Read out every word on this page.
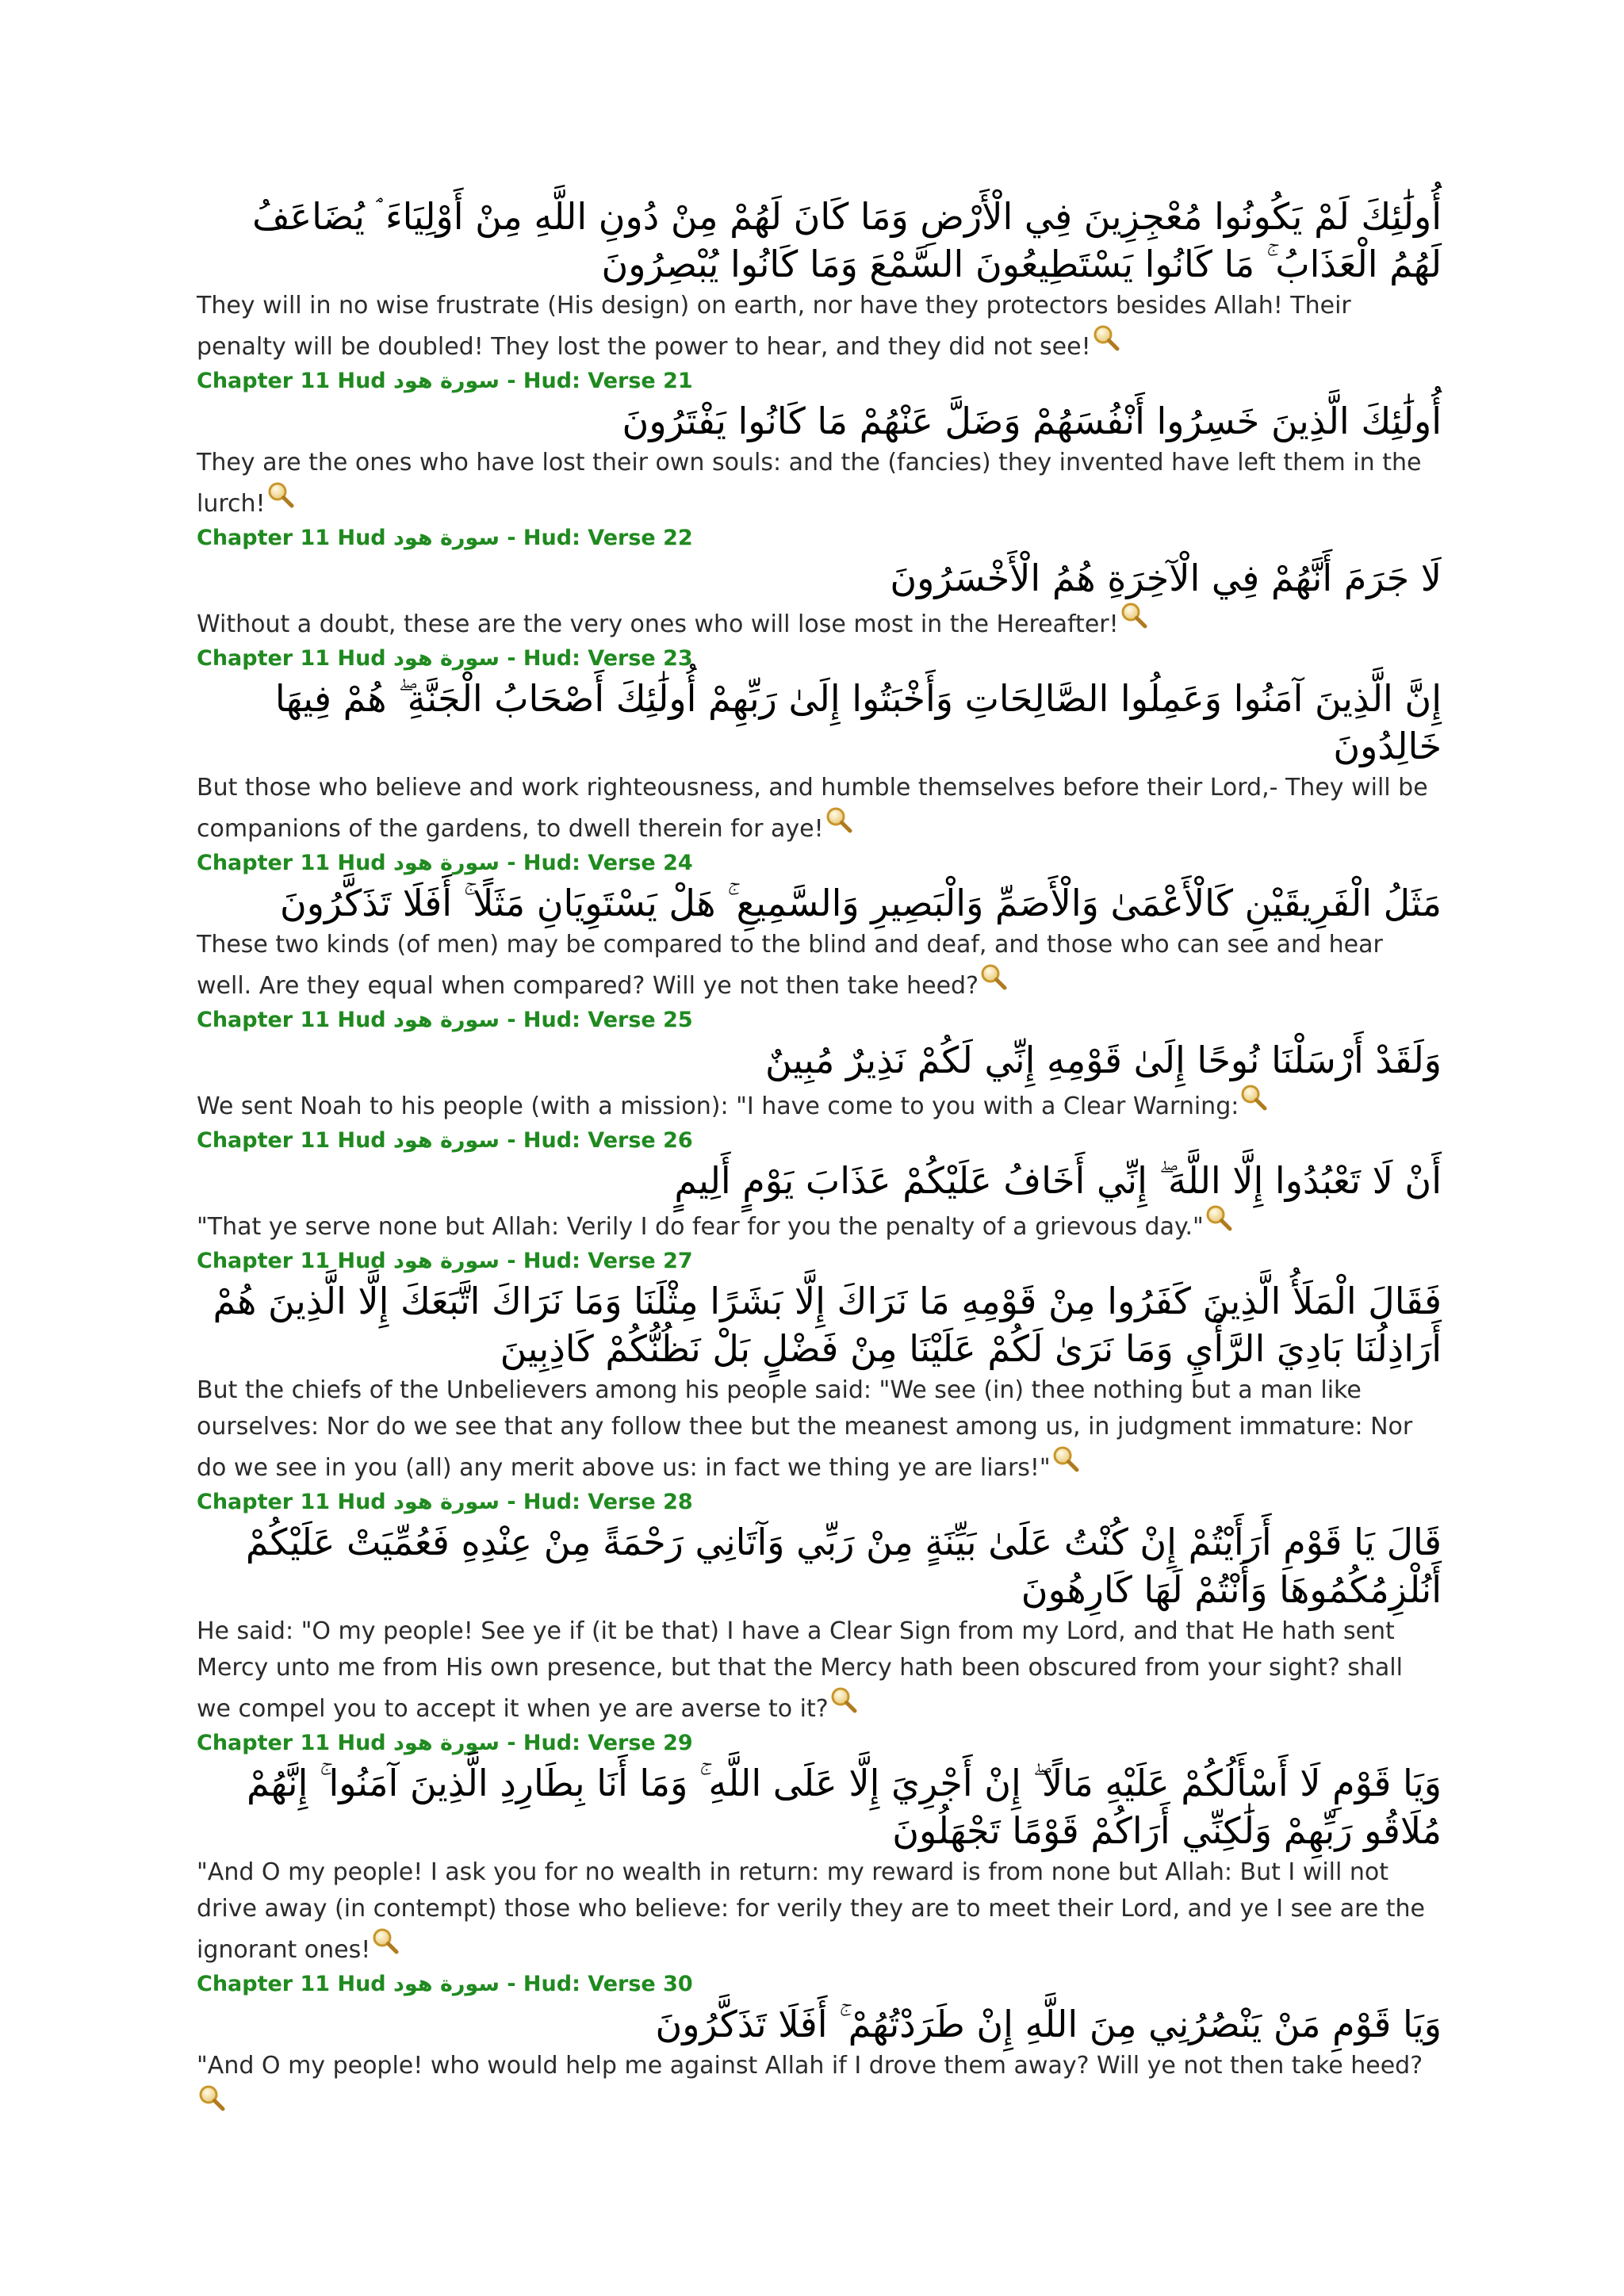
أُولَٰئِكَ لَمْ يَكُونُوا مُعْجِزِينَ فِي الْأَرْضِ وَمَا كَانَ لَهُمْ مِنْ دُونِ اللَّهِ مِنْ أَوْلِيَاءَ ۘ يُضَاعَفُ لَهُمُ الْعَذَابُ ۚ مَا كَانُوا يَسْتَطِيعُونَ السَّمْعَ وَمَا كَانُوا يُبْصِرُونَ
They will in no wise frustrate (His design) on earth, nor have they protectors besides Allah! Their penalty will be doubled! They lost the power to hear, and they did not see!
Chapter 11 Hud سورة هود - Hud: Verse 21
أُولَٰئِكَ الَّذِينَ خَسِرُوا أَنْفُسَهُمْ وَضَلَّ عَنْهُمْ مَا كَانُوا يَفْتَرُونَ
They are the ones who have lost their own souls: and the (fancies) they invented have left them in the lurch!
Chapter 11 Hud سورة هود - Hud: Verse 22
لَا جَرَمَ أَنَّهُمْ فِي الْآخِرَةِ هُمُ الْأَخْسَرُونَ
Without a doubt, these are the very ones who will lose most in the Hereafter!
Chapter 11 Hud سورة هود - Hud: Verse 23
إِنَّ الَّذِينَ آمَنُوا وَعَمِلُوا الصَّالِحَاتِ وَأَخْبَتُوا إِلَىٰ رَبِّهِمْ أُولَٰئِكَ أَصْحَابُ الْجَنَّةِ ۖ هُمْ فِيهَا خَالِدُونَ
But those who believe and work righteousness, and humble themselves before their Lord,- They will be companions of the gardens, to dwell therein for aye!
Chapter 11 Hud سورة هود - Hud: Verse 24
مَثَلُ الْفَرِيقَيْنِ كَالْأَعْمَىٰ وَالْأَصَمِّ وَالْبَصِيرِ وَالسَّمِيعِ ۚ هَلْ يَسْتَوِيَانِ مَثَلًا ۚ أَفَلَا تَذَكَّرُونَ
These two kinds (of men) may be compared to the blind and deaf, and those who can see and hear well. Are they equal when compared? Will ye not then take heed?
Chapter 11 Hud سورة هود - Hud: Verse 25
وَلَقَدْ أَرْسَلْنَا نُوحًا إِلَىٰ قَوْمِهِ إِنِّي لَكُمْ نَذِيرٌ مُبِينٌ
We sent Noah to his people (with a mission): "I have come to you with a Clear Warning:
Chapter 11 Hud سورة هود - Hud: Verse 26
أَنْ لَا تَعْبُدُوا إِلَّا اللَّهَ ۖ إِنِّي أَخَافُ عَلَيْكُمْ عَذَابَ يَوْمٍ أَلِيمٍ
"That ye serve none but Allah: Verily I do fear for you the penalty of a grievous day."
Chapter 11 Hud سورة هود - Hud: Verse 27
فَقَالَ الْمَلَأُ الَّذِينَ كَفَرُوا مِنْ قَوْمِهِ مَا نَرَاكَ إِلَّا بَشَرًا مِثْلَنَا وَمَا نَرَاكَ اتَّبَعَكَ إِلَّا الَّذِينَ هُمْ أَرَاذِلُنَا بَادِيَ الرَّأْيِ وَمَا نَرَىٰ لَكُمْ عَلَيْنَا مِنْ فَضْلٍ بَلْ نَظُنُّكُمْ كَاذِبِينَ
But the chiefs of the Unbelievers among his people said: "We see (in) thee nothing but a man like ourselves: Nor do we see that any follow thee but the meanest among us, in judgment immature: Nor do we see in you (all) any merit above us: in fact we thing ye are liars!"
Chapter 11 Hud سورة هود - Hud: Verse 28
قَالَ يَا قَوْمِ أَرَأَيْتُمْ إِنْ كُنْتُ عَلَىٰ بَيِّنَةٍ مِنْ رَبِّي وَآتَانِي رَحْمَةً مِنْ عِنْدِهِ فَعُمِّيَتْ عَلَيْكُمْ أَنُلْزِمُكُمُوهَا وَأَنْتُمْ لَهَا كَارِهُونَ
He said: "O my people! See ye if (it be that) I have a Clear Sign from my Lord, and that He hath sent Mercy unto me from His own presence, but that the Mercy hath been obscured from your sight? shall we compel you to accept it when ye are averse to it?
Chapter 11 Hud سورة هود - Hud: Verse 29
وَيَا قَوْمِ لَا أَسْأَلُكُمْ عَلَيْهِ مَالًا ۖ إِنْ أَجْرِيَ إِلَّا عَلَى اللَّهِ ۚ وَمَا أَنَا بِطَارِدِ الَّذِينَ آمَنُوا ۚ إِنَّهُمْ مُلَاقُو رَبِّهِمْ وَلَٰكِنِّي أَرَاكُمْ قَوْمًا تَجْهَلُونَ
"And O my people! I ask you for no wealth in return: my reward is from none but Allah: But I will not drive away (in contempt) those who believe: for verily they are to meet their Lord, and ye I see are the ignorant ones!
Chapter 11 Hud سورة هود - Hud: Verse 30
وَيَا قَوْمِ مَنْ يَنْصُرُنِي مِنَ اللَّهِ إِنْ طَرَدْتُهُمْ ۚ أَفَلَا تَذَكَّرُونَ
"And O my people! who would help me against Allah if I drove them away? Will ye not then take heed?
